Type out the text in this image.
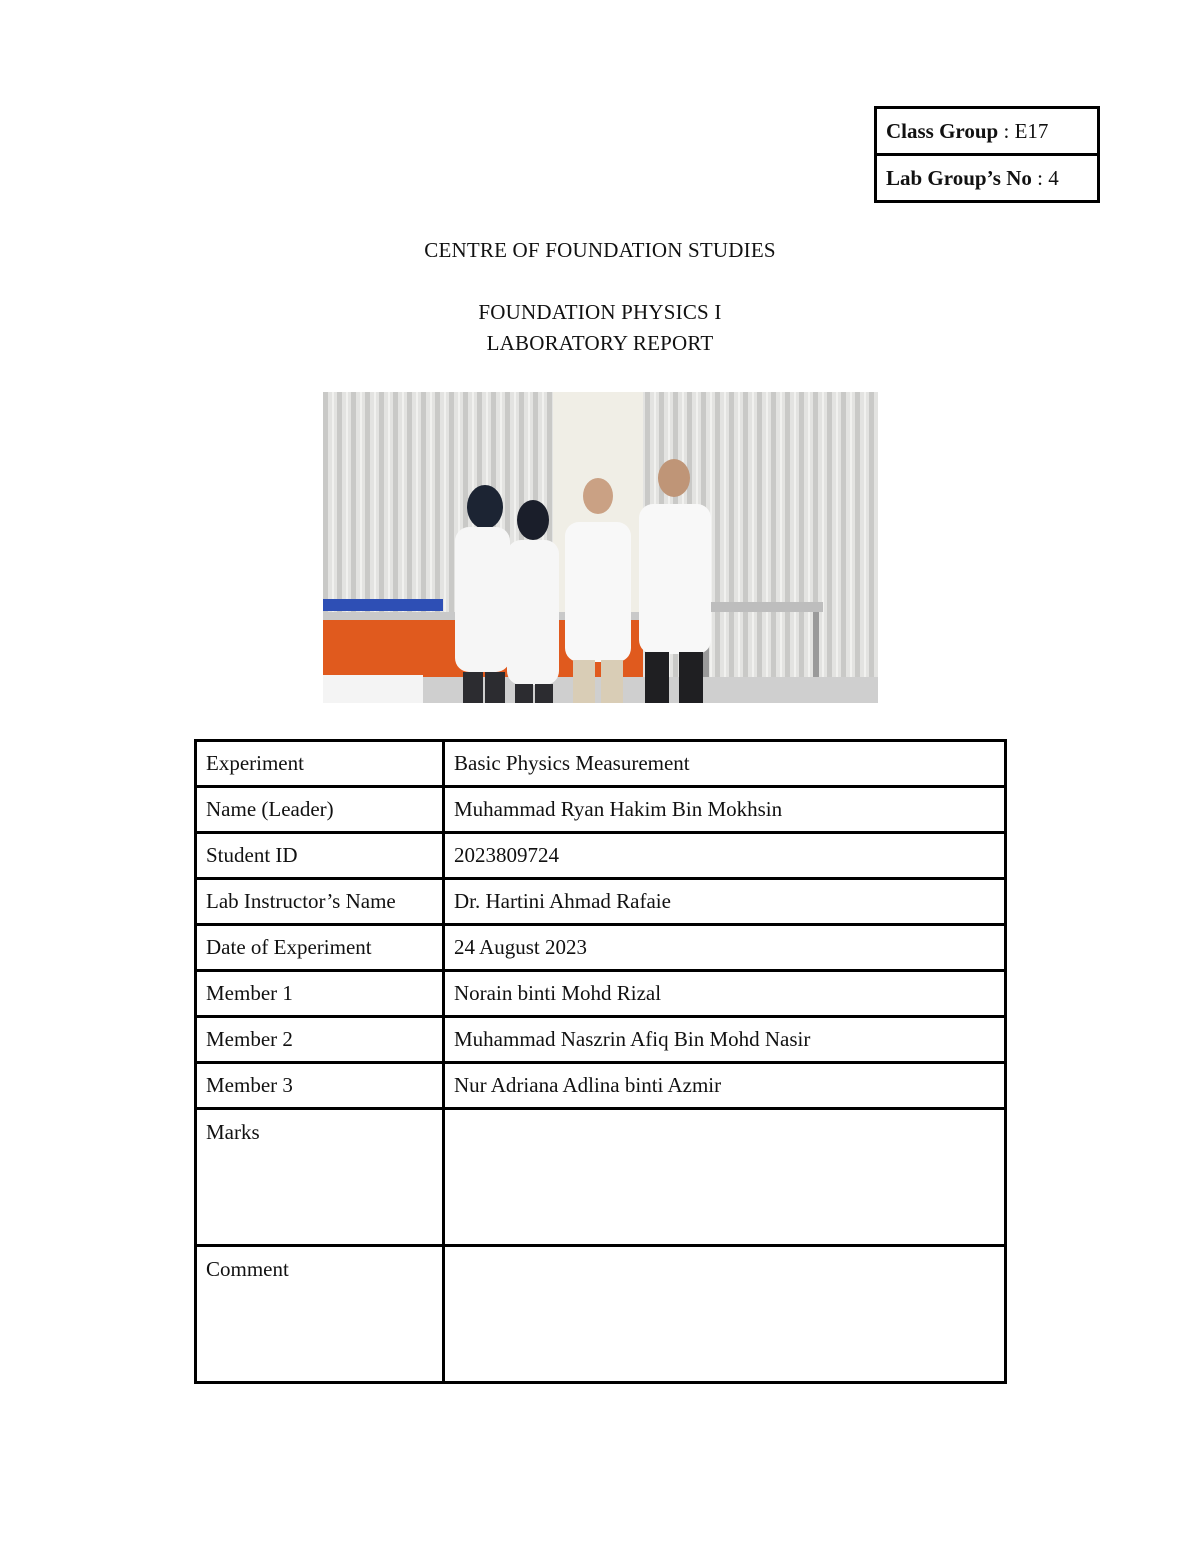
Class Group : E17
Lab Group’s No : 4
CENTRE OF FOUNDATION STUDIES
FOUNDATION PHYSICS I
LABORATORY REPORT
Experiment	Basic Physics Measurement
Name (Leader)	Muhammad Ryan Hakim Bin Mokhsin
Student ID	2023809724
Lab Instructor’s Name	Dr. Hartini Ahmad Rafaie
Date of Experiment	24 August 2023
Member 1	Norain binti Mohd Rizal
Member 2	Muhammad Naszrin Afiq Bin Mohd Nasir
Member 3	Nur Adriana Adlina binti Azmir
Marks	
Comment	
